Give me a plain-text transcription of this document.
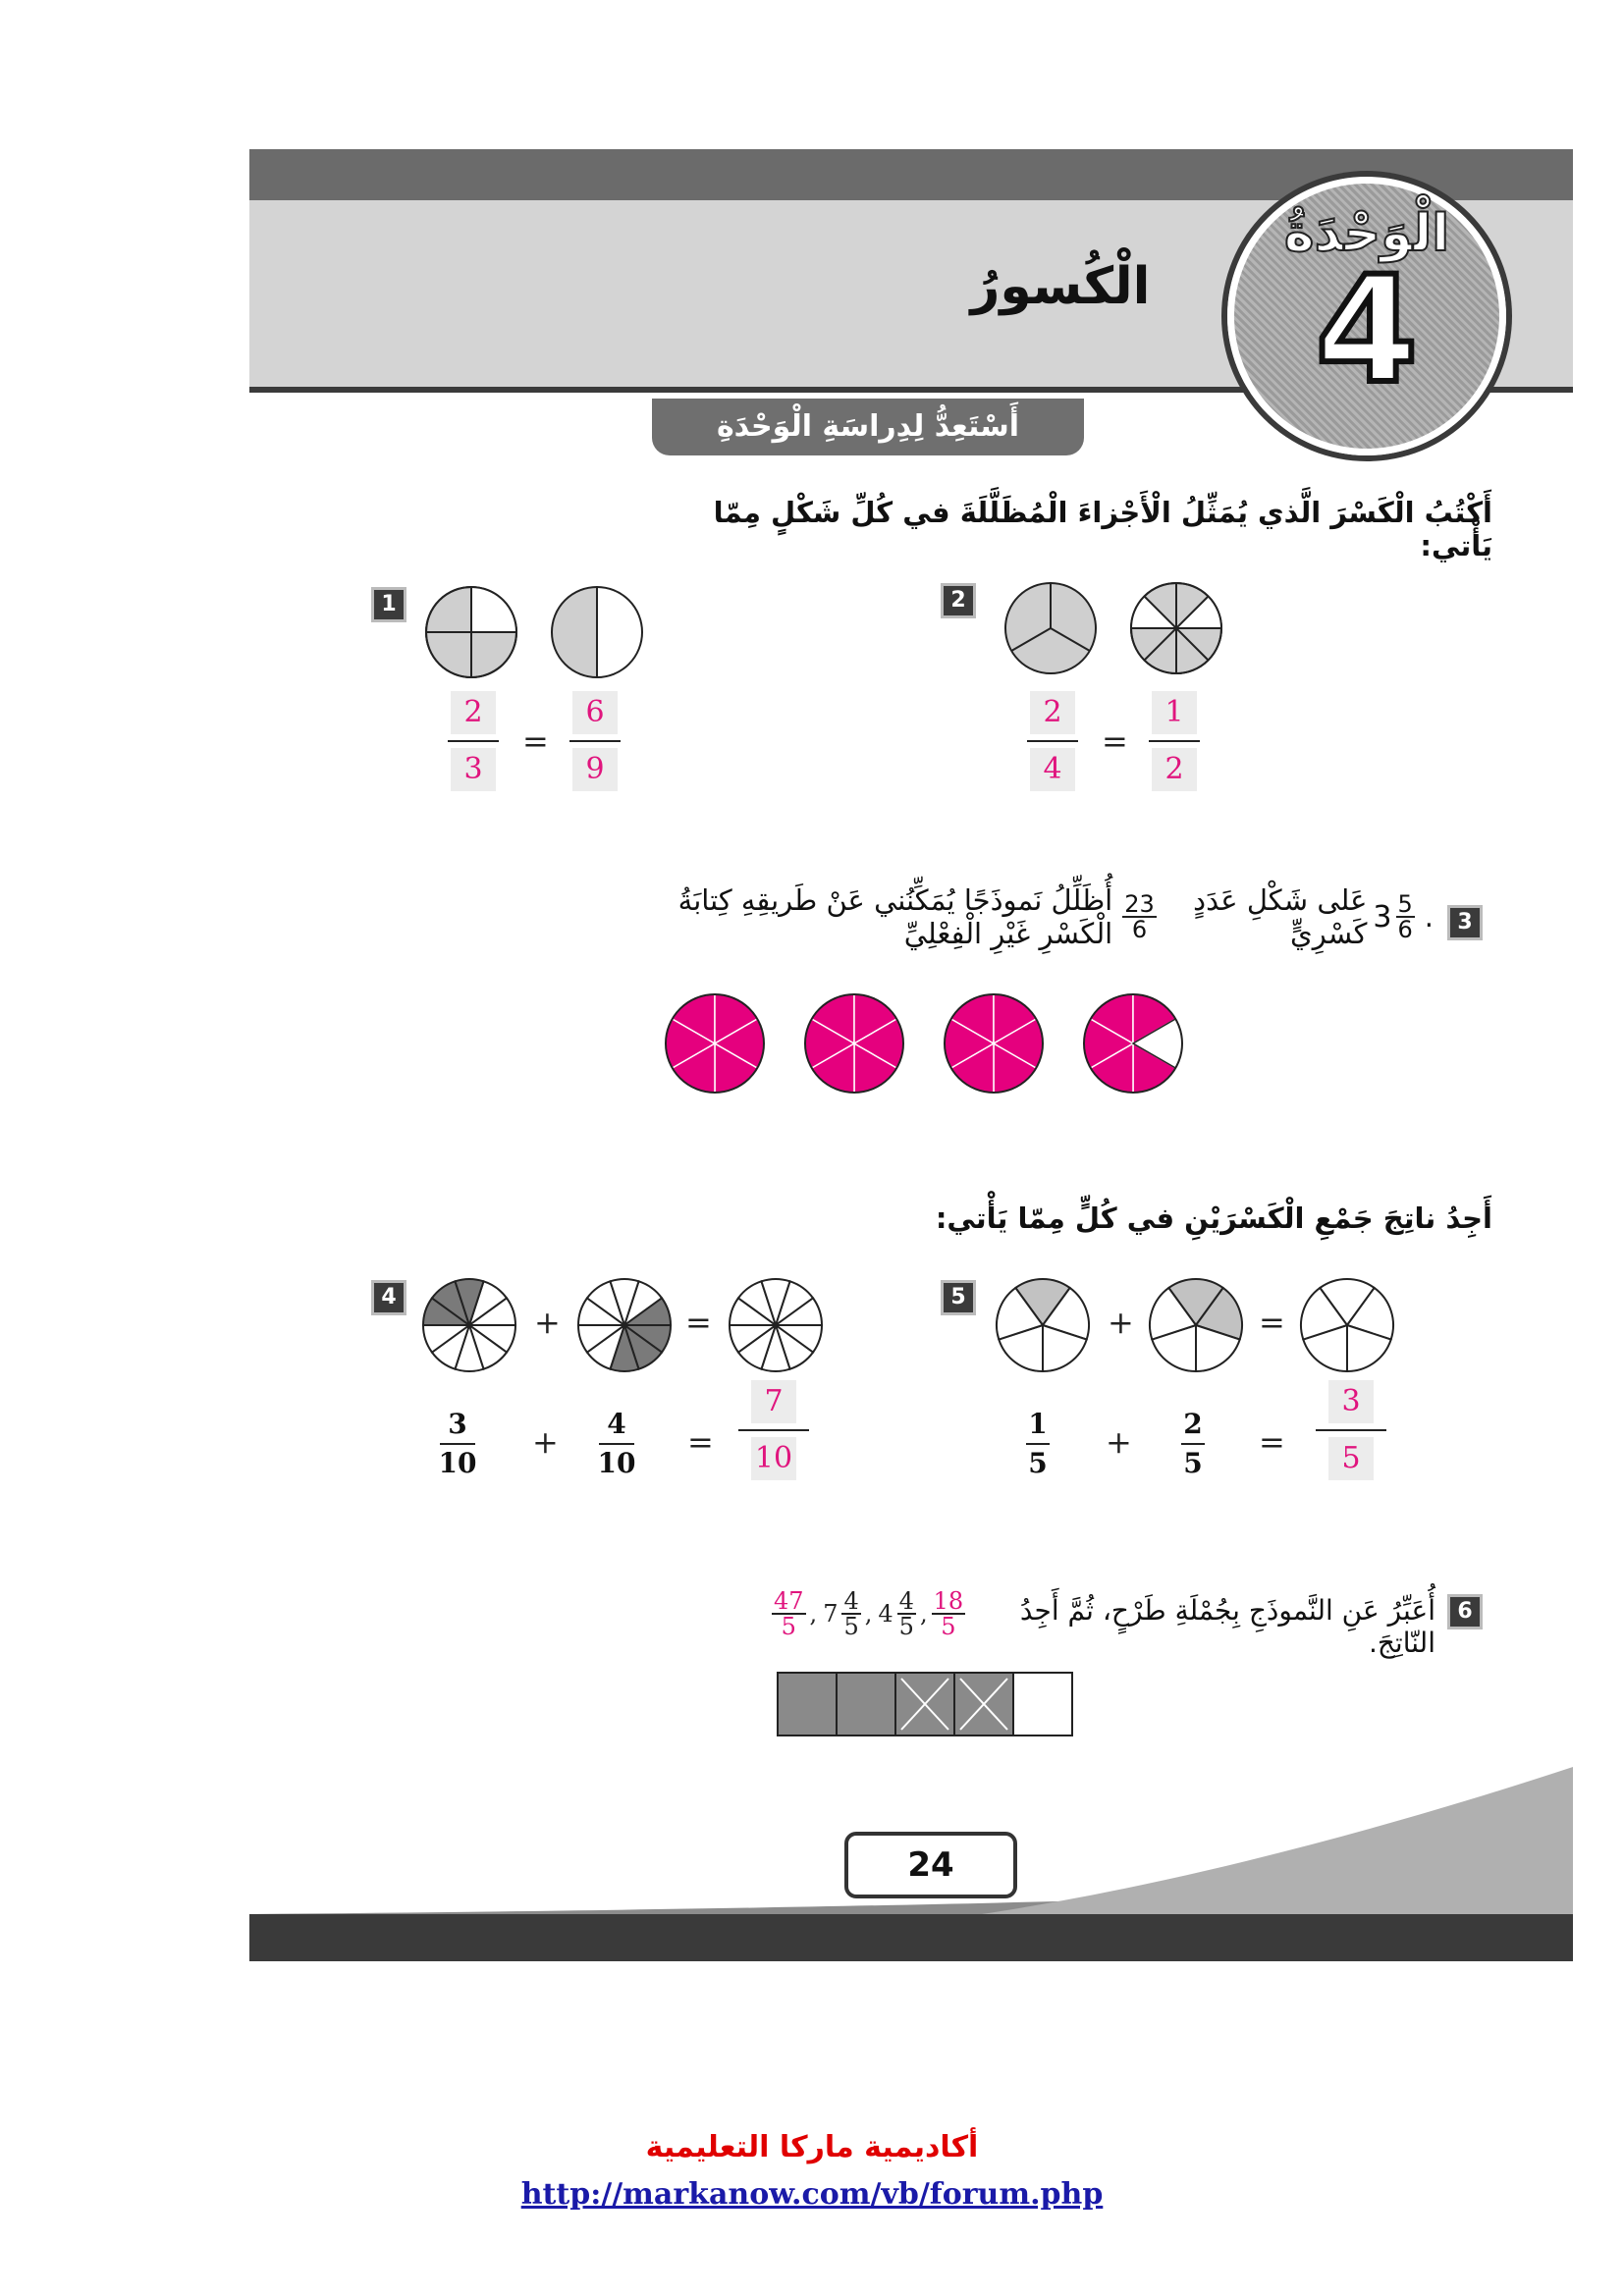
الْوَحْدَةُ
4
الْكُسورُ
أَسْتَعِدُّ لِدِراسَةِ الْوَحْدَةِ
أَكْتُبُ الْكَسْرَ الَّذي يُمَثِّلُ الْأَجْزاءَ الْمُظَلَّلَةَ في كُلِّ شَكْلٍ مِمّا يَأْتي:
1
2
3
=
6
9
2
2
4
=
1
2
3
أُظَلِّلُ نَموذَجًا يُمَكِّنُني عَنْ طَريقِهِ كِتابَةُ الْكَسْرِ غَيْرِ الْفِعْلِيِّ $\frac{23}{6}$	عَلى شَكْلِ عَدَدٍ كَسْرِيٍّ $3 \frac{5}{6}$ .
أَجِدُ ناتِجَ جَمْعِ الْكَسْرَيْنِ في كُلٍّ مِمّا يَأْتي:
4
+	=
3
10
+	4
10
=
7
10
5
+	=
1
5
+ 2
5
=
3
5
6
أُعَبِّرُ عَنِ النَّموذَجِ بِجُمْلَةِ طَرْحٍ، ثُمَّ أَجِدُ النّاتِجَ.
$\frac{47}{5}$ , $7 \frac{4}{5}$ , $4 \frac{4}{5}$ , $\frac{18}{5}$
24
أكاديمية ماركا التعليمية
http://markanow.com/vb/forum.php
